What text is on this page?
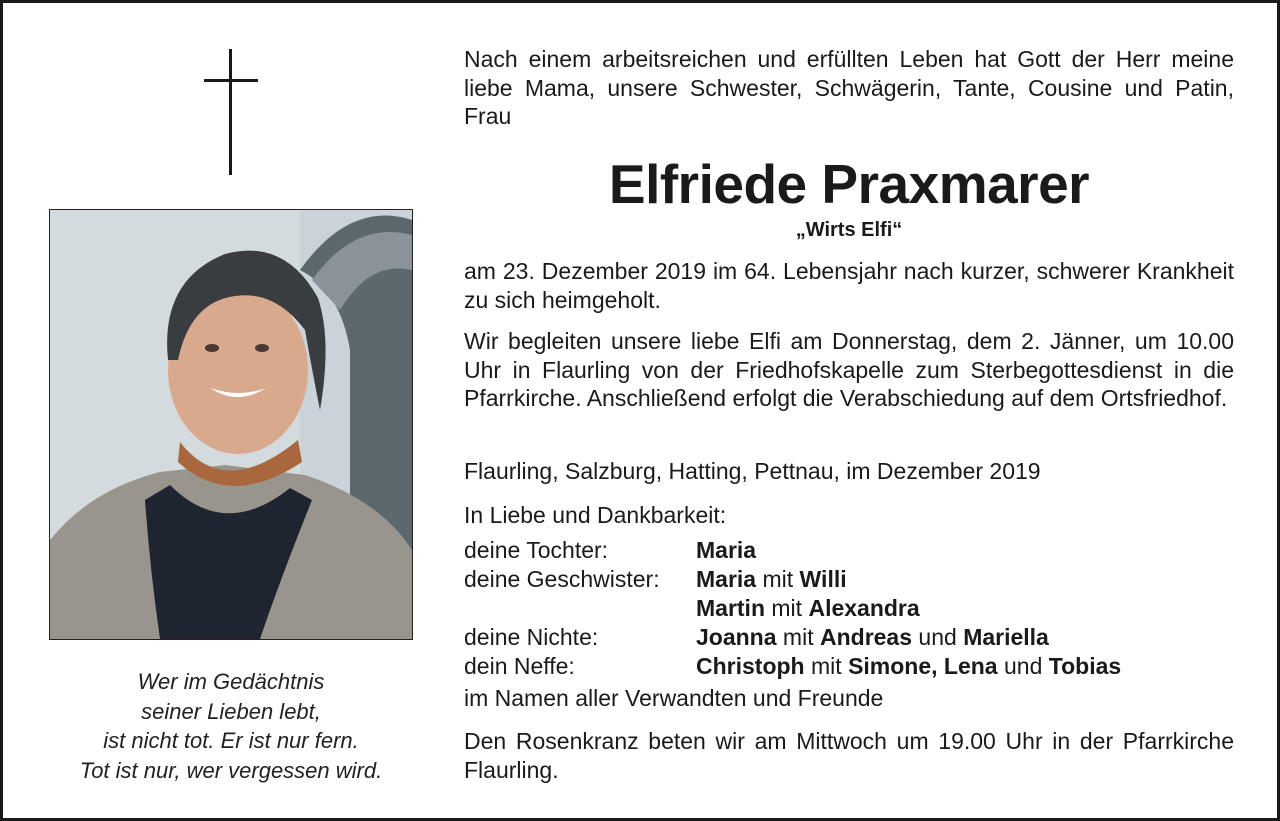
Wer im Gedächtnis
seiner Lieben lebt,
ist nicht tot. Er ist nur fern.
Tot ist nur, wer vergessen wird.
Nach einem arbeitsreichen und erfüllten Leben hat Gott der Herr meine liebe Mama, unsere Schwester, Schwägerin, Tante, Cousine und Patin, Frau
Elfriede Praxmarer
„Wirts Elfi“
am 23. Dezember 2019 im 64. Lebensjahr nach kurzer, schwerer Krankheit zu sich heimgeholt.
Wir begleiten unsere liebe Elfi am Donnerstag, dem 2. Jänner, um 10.00 Uhr in Flaurling von der Friedhofskapelle zum Sterbegottesdienst in die Pfarrkirche. Anschließend erfolgt die Verabschiedung auf dem Ortsfriedhof.
Flaurling, Salzburg, Hatting, Pettnau, im Dezember 2019
In Liebe und Dankbarkeit:
deine Tochter:	Maria
deine Geschwister:	Maria mit Willi
Martin mit Alexandra
deine Nichte:	Joanna mit Andreas und Mariella
dein Neffe:	Christoph mit Simone, Lena und Tobias
im Namen aller Verwandten und Freunde
Den Rosenkranz beten wir am Mittwoch um 19.00 Uhr in der Pfarrkirche Flaurling.
